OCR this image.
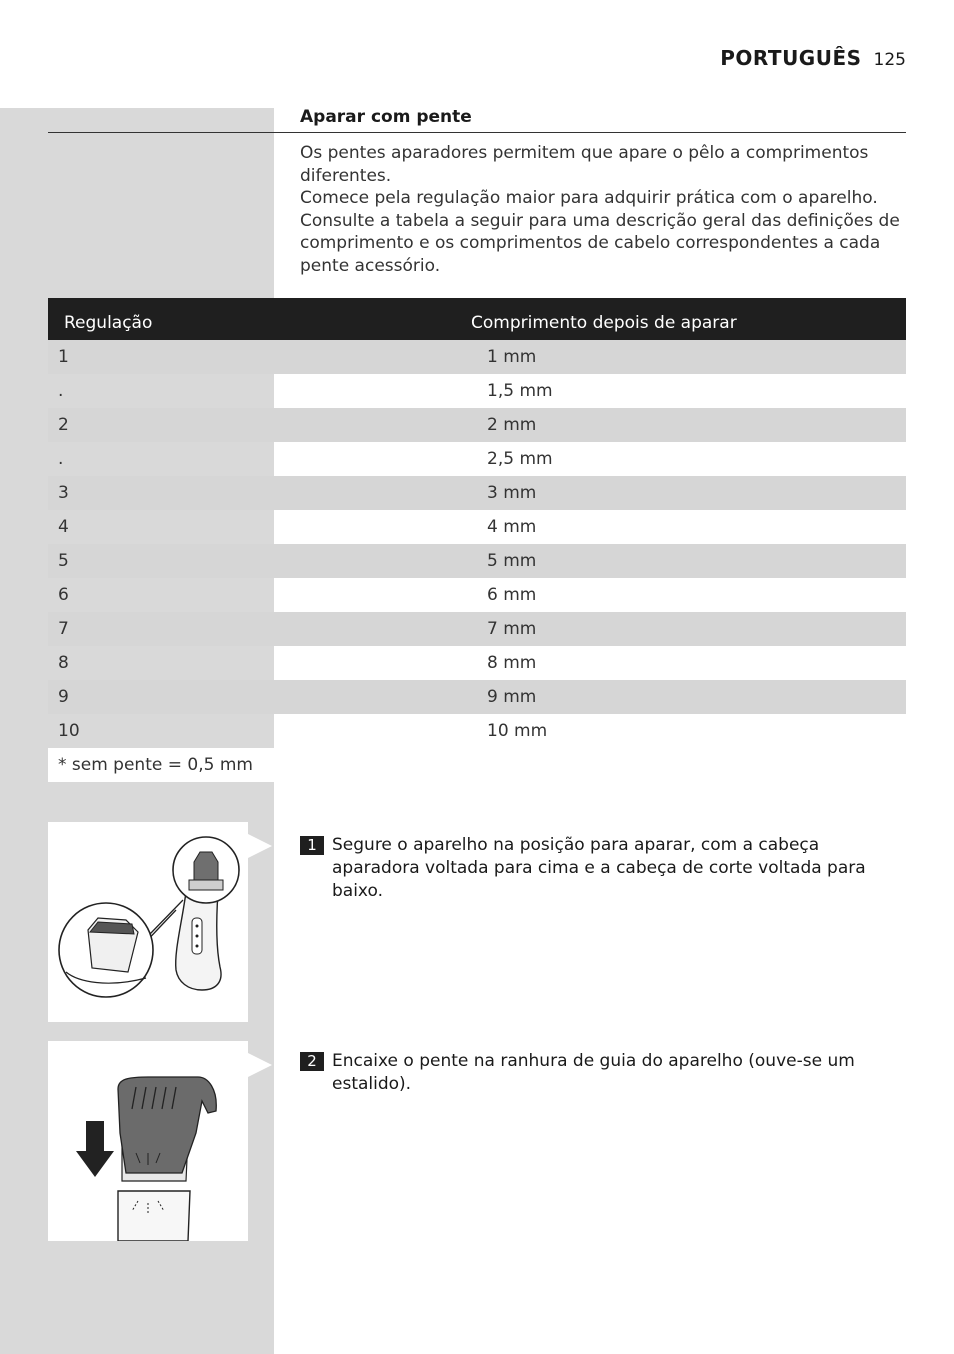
PORTUGUÊS 125
Aparar com pente

Os pentes aparadores permitem que apare o pêlo a comprimentos diferentes.

Comece pela regulação maior para adquirir prática com o aparelho.

Consulte a tabela a seguir para uma descrição geral das definições de comprimento e os comprimentos de cabelo correspondentes a cada pente acessório.

Regulação	Comprimento depois de aparar
1	1 mm
.	1,5 mm
2	2 mm
.	2,5 mm
3	3 mm
4	4 mm
5	5 mm
6	6 mm
7	7 mm
8	8 mm
9	9 mm
10	10 mm
* sem pente = 0,5 mm
1 Segure o aparelho na posição para aparar, com a cabeça aparadora voltada para cima e a cabeça de corte voltada para baixo.
2 Encaixe o pente na ranhura de guia do aparelho (ouve-se um estalido).
